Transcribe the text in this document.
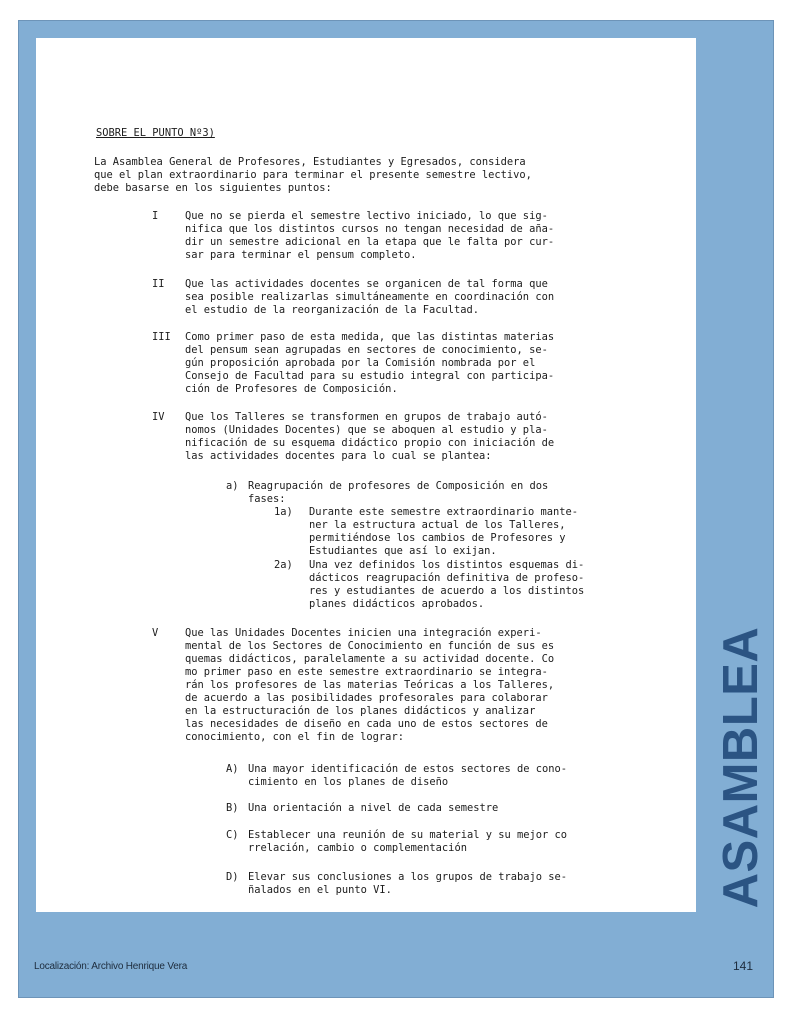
SOBRE EL PUNTO Nº3)
La Asamblea General de Profesores, Estudiantes y Egresados, considera
que el plan extraordinario para terminar el presente semestre lectivo,
debe basarse en los siguientes puntos:
I	Que no se pierda el semestre lectivo iniciado, lo que sig-
nifica que los distintos cursos no tengan necesidad de aña-
dir un semestre adicional en la etapa que le falta por cur-
sar para terminar el pensum completo.
II Que las actividades docentes se organicen de tal forma que
sea posible realizarlas simultáneamente en coordinación con
el estudio de la reorganización de la Facultad.
III Como primer paso de esta medida, que las distintas materias
del pensum sean agrupadas en sectores de conocimiento, se-
gún proposición aprobada por la Comisión nombrada por el
Consejo de Facultad para su estudio integral con participa-
ción de Profesores de Composición.
IV Que los Talleres se transformen en grupos de trabajo autó-
nomos (Unidades Docentes) que se aboquen al estudio y pla-
nificación de su esquema didáctico propio con iniciación de
las actividades docentes para lo cual se plantea:
a) Reagrupación de profesores de Composición en dos
fases:
1a) Durante este semestre extraordinario mante-
ner la estructura actual de los Talleres,
permitiéndose los cambios de Profesores y
Estudiantes que así lo exijan.
2a) Una vez definidos los distintos esquemas di-
dácticos reagrupación definitiva de profeso-
res y estudiantes de acuerdo a los distintos
planes didácticos aprobados.
V	Que las Unidades Docentes inicien una integración experi-
mental de los Sectores de Conocimiento en función de sus es
quemas didácticos, paralelamente a su actividad docente. Co
mo primer paso en este semestre extraordinario se integra-
rán los profesores de las materias Teóricas a los Talleres,
de acuerdo a las posibilidades profesorales para colaborar
en la estructuración de los planes didácticos y analizar
las necesidades de diseño en cada uno de estos sectores de
conocimiento, con el fin de lograr:
A) Una mayor identificación de estos sectores de cono-
cimiento en los planes de diseño
B) Una orientación a nivel de cada semestre
C) Establecer una reunión de su material y su mejor co
rrelación, cambio o complementación
D) Elevar sus conclusiones a los grupos de trabajo se-
ñalados en el punto VI.	ASAMBLEA
Localización: Archivo Henrique Vera	141
